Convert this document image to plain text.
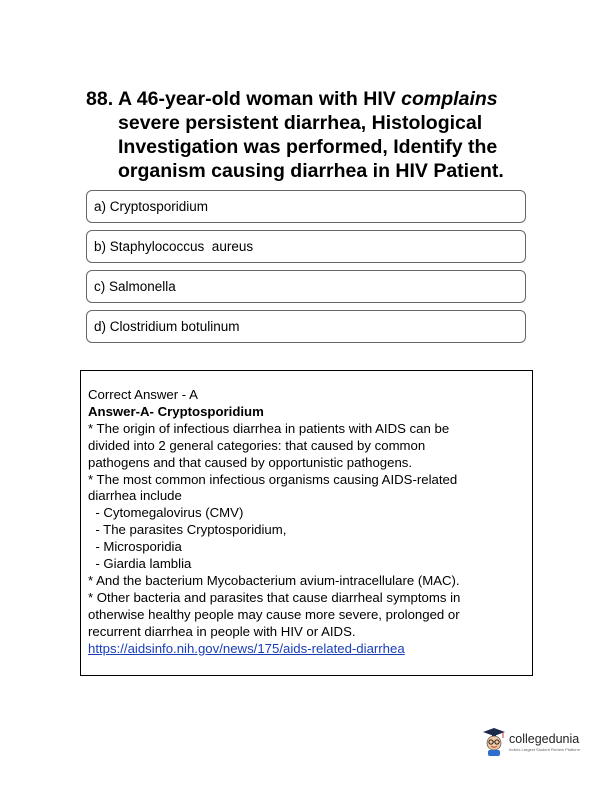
88. A 46-year-old woman with HIV complains severe persistent diarrhea, Histological Investigation was performed, Identify the organism causing diarrhea in HIV Patient.
a) Cryptosporidium
b) Staphylococcus  aureus
c) Salmonella
d) Clostridium botulinum
Correct Answer - A
Answer-A- Cryptosporidium
* The origin of infectious diarrhea in patients with AIDS can be
divided into 2 general categories: that caused by common
pathogens and that caused by opportunistic pathogens.
* The most common infectious organisms causing AIDS-related
diarrhea include
- Cytomegalovirus (CMV)
- The parasites Cryptosporidium,
- Microsporidia
- Giardia lamblia
* And the bacterium Mycobacterium avium-intracellulare (MAC).
* Other bacteria and parasites that cause diarrheal symptoms in
otherwise healthy people may cause more severe, prolonged or
recurrent diarrhea in people with HIV or AIDS.
https://aidsinfo.nih.gov/news/175/aids-related-diarrhea
collegedunia
India's Largest Student Review Platform
